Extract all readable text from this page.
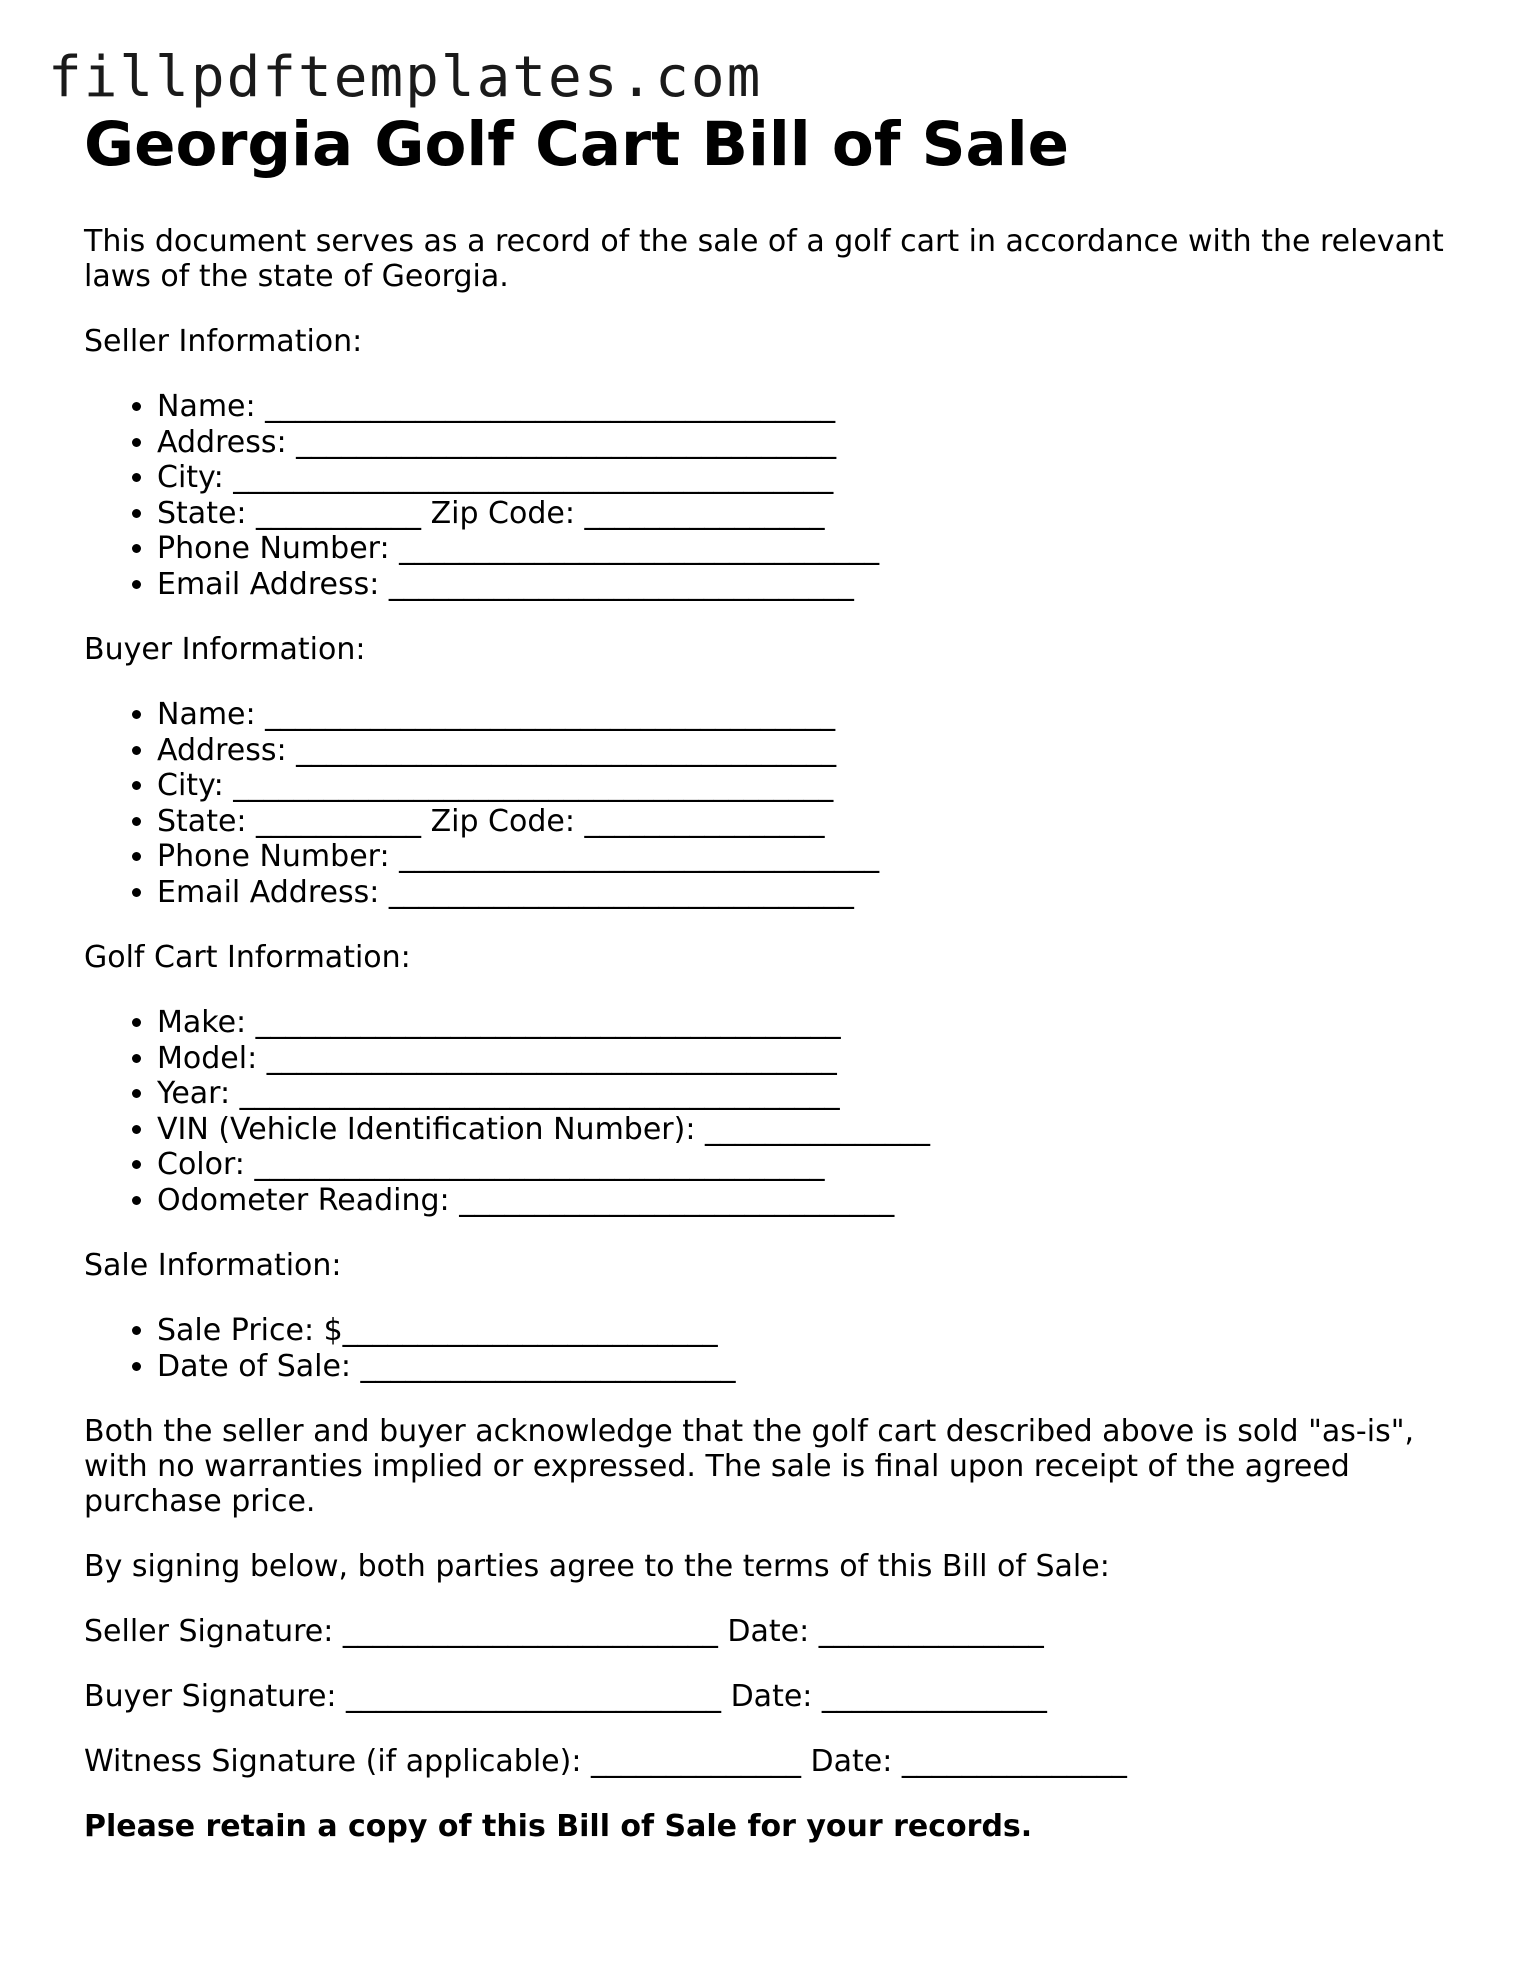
fillpdftemplates.com
Georgia Golf Cart Bill of Sale

This document serves as a record of the sale of a golf cart in accordance with the relevant laws of the state of Georgia.

Seller Information:

• Name: ______________________________________
• Address: ____________________________________
• City: ________________________________________
• State: ___________ Zip Code: ________________
• Phone Number: ________________________________
• Email Address: _______________________________

Buyer Information:

• Name: ______________________________________
• Address: ____________________________________
• City: ________________________________________
• State: ___________ Zip Code: ________________
• Phone Number: ________________________________
• Email Address: _______________________________

Golf Cart Information:

• Make: _______________________________________
• Model: ______________________________________
• Year: ________________________________________
• VIN (Vehicle Identification Number): _______________
• Color: ______________________________________
• Odometer Reading: _____________________________

Sale Information:

• Sale Price: $_________________________
• Date of Sale: _________________________

Both the seller and buyer acknowledge that the golf cart described above is sold "as-is", with no warranties implied or expressed. The sale is final upon receipt of the agreed purchase price.

By signing below, both parties agree to the terms of this Bill of Sale:

Seller Signature: _________________________ Date: _______________

Buyer Signature: _________________________ Date: _______________

Witness Signature (if applicable): ______________ Date: _______________

Please retain a copy of this Bill of Sale for your records.
